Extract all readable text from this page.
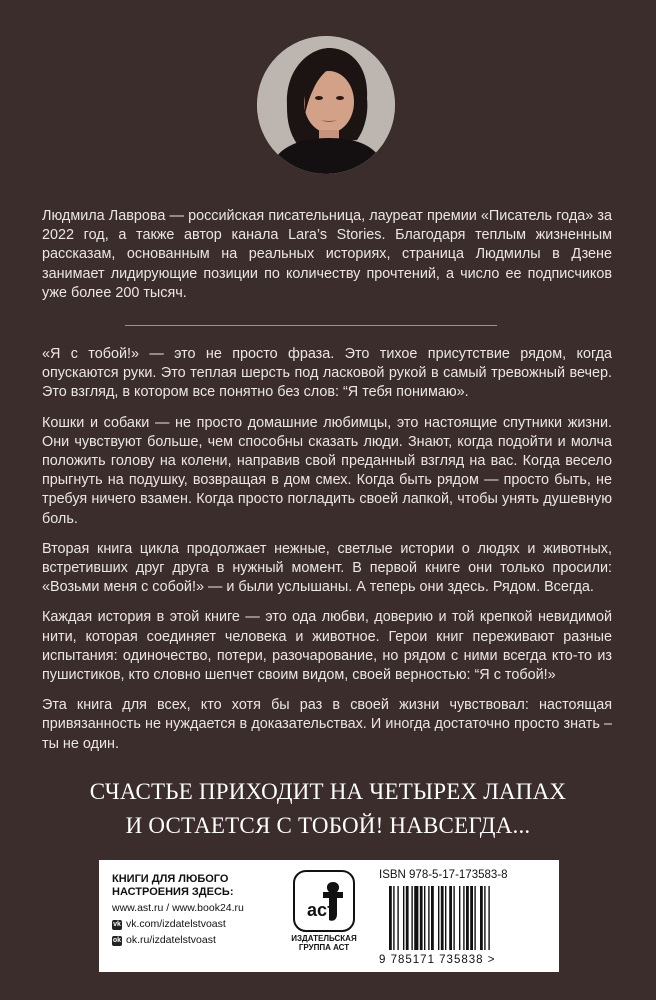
Людмила Лаврова — российская писательница, лауреат премии «Писатель года» за 2022 год, а также автор канала Lara’s Stories. Благодаря теплым жизненным рассказам, основанным на реальных историях, страница Людмилы в Дзене занимает лидирующие позиции по количеству прочтений, а число ее подписчиков уже более 200 тысяч.

«Я с тобой!» — это не просто фраза. Это тихое присутствие рядом, когда опускаются руки. Это теплая шерсть под ласковой рукой в самый тревожный вечер. Это взгляд, в котором все понятно без слов: “Я тебя понимаю».

Кошки и собаки — не просто домашние любимцы, это настоящие спутники жизни. Они чувствуют больше, чем способны сказать люди. Знают, когда подойти и молча положить голову на колени, направив свой преданный взгляд на вас. Когда весело прыгнуть на подушку, возвращая в дом смех. Когда быть рядом — просто быть, не требуя ничего взамен. Когда просто погладить своей лапкой, чтобы унять душевную боль.

Вторая книга цикла продолжает нежные, светлые истории о людях и животных, встретивших друг друга в нужный момент. В первой книге они только просили: «Возьми меня с собой!» — и были услышаны. А теперь они здесь. Рядом. Всегда.

Каждая история в этой книге — это ода любви, доверию и той крепкой невидимой нити, которая соединяет человека и животное. Герои книг переживают разные испытания: одиночество, потери, разочарование, но рядом с ними всегда кто-то из пушистиков, кто словно шепчет своим видом, своей верностью: “Я с тобой!»

Эта книга для всех, кто хотя бы раз в своей жизни чувствовал: настоящая привязанность не нуждается в доказательствах. И иногда достаточно просто знать – ты не один.

СЧАСТЬЕ ПРИХОДИТ НА ЧЕТЫРЕХ ЛАПАХ
И ОСТАЕТСЯ С ТОБОЙ! НАВСЕГДА...
КНИГИ ДЛЯ ЛЮБОГО НАСТРОЕНИЯ ЗДЕСЬ:
www.ast.ru / www.book24.ru
vk vk.com/izdatelstvoast
ok ok.ru/izdatelstvoast
аст
ИЗДАТЕЛЬСКАЯ ГРУППА АСТ
ISBN 978-5-17-173583-8
9 785171 735838 >
